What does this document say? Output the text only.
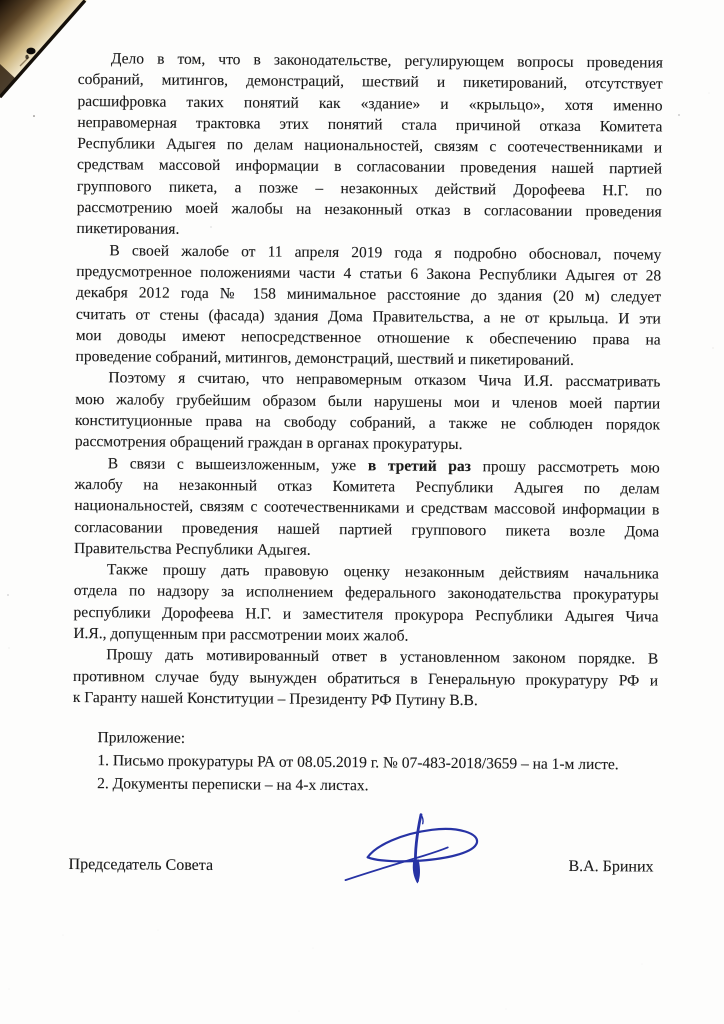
Дело в том, что в законодательстве, регулирующем вопросы проведения
собраний, митингов, демонстраций, шествий и пикетирований, отсутствует
расшифровка таких понятий как «здание» и «крыльцо», хотя именно
неправомерная трактовка этих понятий стала причиной отказа Комитета
Республики Адыгея по делам национальностей, связям с соотечественниками и
средствам массовой информации в согласовании проведения нашей партией
группового пикета, а позже – незаконных действий Дорофеева Н.Г. по
рассмотрению моей жалобы на незаконный отказ в согласовании проведения
пикетирования.
В своей жалобе от 11 апреля 2019 года я подробно обосновал, почему
предусмотренное положениями части 4 статьи 6 Закона Республики Адыгея от 28
декабря 2012 года № 158 минимальное расстояние до здания (20 м) следует
считать от стены (фасада) здания Дома Правительства, а не от крыльца. И эти
мои доводы имеют непосредственное отношение к обеспечению права на
проведение собраний, митингов, демонстраций, шествий и пикетирований.
Поэтому я считаю, что неправомерным отказом Чича И.Я. рассматривать
мою жалобу грубейшим образом были нарушены мои и членов моей партии
конституционные права на свободу собраний, а также не соблюден порядок
рассмотрения обращений граждан в органах прокуратуры.
В связи с вышеизложенным, уже в третий раз прошу рассмотреть мою
жалобу на незаконный отказ Комитета Республики Адыгея по делам
национальностей, связям с соотечественниками и средствам массовой информации в
согласовании проведения нашей партией группового пикета возле Дома
Правительства Республики Адыгея.
Также прошу дать правовую оценку незаконным действиям начальника
отдела по надзору за исполнением федерального законодательства прокуратуры
республики Дорофеева Н.Г. и заместителя прокурора Республики Адыгея Чича
И.Я., допущенным при рассмотрении моих жалоб.
Прошу дать мотивированный ответ в установленном законом порядке. В
противном случае буду вынужден обратиться в Генеральную прокуратуру РФ и
к Гаранту нашей Конституции – Президенту РФ Путину В.В.
Приложение:
1. Письмо прокуратуры РА от 08.05.2019 г. № 07-483-2018/3659 – на 1-м листе.
2. Документы переписки – на 4-х листах.
Председатель Совета	В.А. Бриних
